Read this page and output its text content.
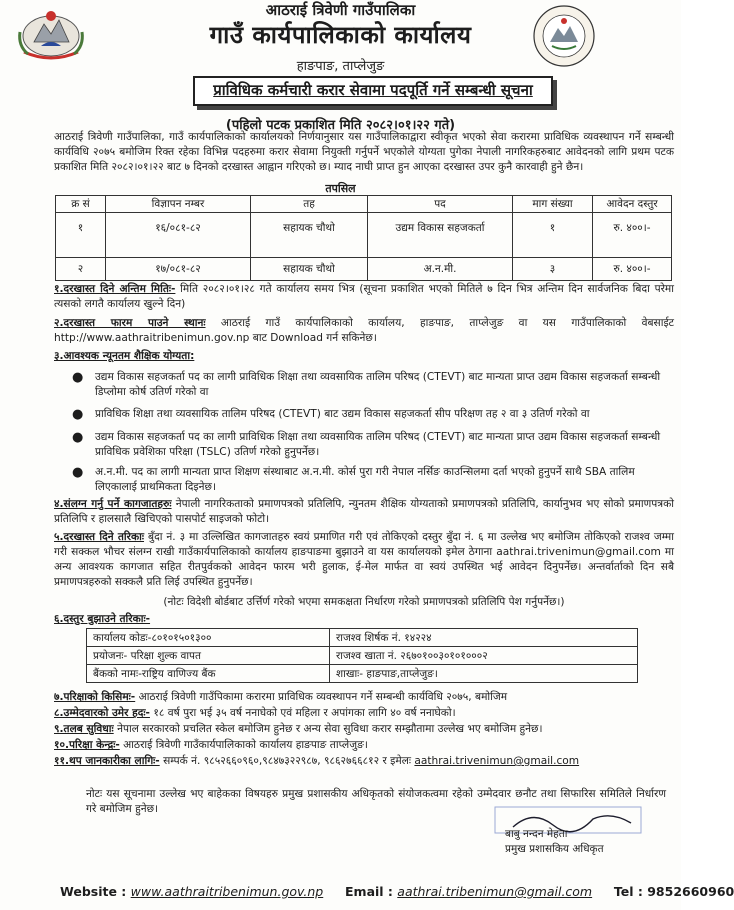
आठराई त्रिवेणी गाउँपालिका
गाउँ कार्यपालिकाको कार्यालय
हाङपाङ, ताप्लेजुङ
प्राविधिक कर्मचारी करार सेवामा पदपूर्ति गर्ने सम्बन्धी सूचना
(पहिलो पटक प्रकाशित मिति २०८२।०१।२२ गते)
आठराई त्रिवेणी गाउँपालिका, गाउँ कार्यपालिकाको कार्यालयको निर्णयानुसार यस गाउँपालिकाद्वारा स्वीकृत भएको सेवा करारमा प्राविधिक व्यवस्थापन गर्ने सम्बन्धी कार्यविधि २०७५ बमोजिम रिक्त रहेका विभिन्न पदहरुमा करार सेवामा नियुक्ती गर्नुपर्ने भएकोले योग्यता पुगेका नेपाली नागरिकहरुबाट आवेदनको लागि प्रथम पटक प्रकाशित मिति २०८२।०१।२२ बाट ७ दिनको दरखास्त आह्वान गरिएको छ। म्याद नाघी प्राप्त हुन आएका दरखास्त उपर कुनै कारवाही हुने छैन।
तपसिल
क्र सं	विज्ञापन नम्बर	तह	पद	माग संख्या	आवेदन दस्तुर
१	१६/०८१-८२	सहायक चौथो	उद्यम विकास सहजकर्ता	१	रु. ४००।-
२	१७/०८१-८२	सहायक चौथो	अ.न.मी.	३	रु. ४००।-
१.दरखास्त दिने अन्तिम मितिः- मिति २०८२।०१।२८ गते कार्यालय समय भित्र (सूचना प्रकाशित भएको मितिले ७ दिन भित्र अन्तिम दिन सार्वजनिक बिदा परेमा त्यसको लगतै कार्यालय खुल्ने दिन)
२.दरखास्त फारम पाउने स्थानः आठराई गाउँ कार्यपालिकाको कार्यालय, हाङपाङ, ताप्लेजुङ वा यस गाउँपालिकाको वेबसाईट http://www.aathraitribenimun.gov.np बाट Download गर्न सकिनेछ।
३.आवश्यक न्यूनतम शैक्षिक योग्यता:
●	उद्यम विकास सहजकर्ता पद का लागी प्राविधिक शिक्षा तथा व्यवसायिक तालिम परिषद (CTEVT) बाट मान्यता प्राप्त उद्यम विकास सहजकर्ता सम्बन्धी डिप्लोमा कोर्ष उतिर्ण गरेको वा
●	प्राविधिक शिक्षा तथा व्यवसायिक तालिम परिषद (CTEVT) बाट उद्यम विकास सहजकर्ता सीप परिक्षण तह २ वा ३ उतिर्ण गरेको वा
●	उद्यम विकास सहजकर्ता पद का लागी प्राविधिक शिक्षा तथा व्यवसायिक तालिम परिषद (CTEVT) बाट मान्यता प्राप्त उद्यम विकास सहजकर्ता सम्बन्धी प्राविधिक प्रवेशिका परिक्षा (TSLC) उतिर्ण गरेको हुनुपर्नेछ।
●	अ.न.मी. पद का लागी मान्यता प्राप्त शिक्षण संस्थाबाट अ.न.मी. कोर्स पुरा गरी नेपाल नर्सिङ काउन्सिलमा दर्ता भएको हुनुपर्ने साथै SBA तालिम लिएकालाई प्राथमिकता दिइनेछ।
४.संलग्न गर्नु पर्ने कागजातहरुः नेपाली नागरिकताको प्रमाणपत्रको प्रतिलिपि, न्युनतम शैक्षिक योग्यताको प्रमाणपत्रको प्रतिलिपि, कार्यानुभव भए सोको प्रमाणपत्रको प्रतिलिपि र हालसालै खिचिएको पासपोर्ट साइजको फोटो।
५.दरखास्त दिने तरिकाः बुँदा नं. ३ मा उल्लिखित कागजातहरु स्वयं प्रमाणित गरी एवं तोकिएको दस्तुर बुँदा नं. ६ मा उल्लेख भए बमोजिम तोकिएको राजश्व जम्मा गरी सक्कल भौचर संलग्न राखी गाउँकार्यपालिकाको कार्यालय हाङपाङमा बुझाउने वा यस कार्यालयको इमेल ठेगाना aathrai.trivenimun@gmail.com मा अन्य आवश्यक कागजात सहित रीतपुर्वकको आवेदन फारम भरी हुलाक, ई-मेल मार्फत वा स्वयं उपस्थित भई आवेदन दिनुपर्नेछ। अन्तर्वार्ताको दिन सबै प्रमाणपत्रहरुको सक्कलै प्रति लिई उपस्थित हुनुपर्नेछ।
(नोटः विदेशी बोर्डबाट उर्त्तिर्ण गरेको भएमा समकक्षता निर्धारण गरेको प्रमाणपत्रको प्रतिलिपि पेश गर्नुपर्नेछ।)
६.दस्तुर बुझाउने तरिकाः-
कार्यालय कोडः-८०१०१५०१३००	राजश्व शिर्षक नं. १४२२४
प्रयोजनः- परिक्षा शुल्क वापत	राजश्व खाता नं. २६७०१००३०१०१०००२
बैंकको नामः-राष्ट्रिय वाणिज्य बैंक	शाखाः- हाङपाङ,ताप्लेजुङ।
७.परिक्षाको किसिमः- आठराई त्रिवेणी गाउँपिकामा करारमा प्राविधिक व्यवस्थापन गर्ने सम्बन्धी कार्यविधि २०७५, बमोजिम
८.उम्मेदवारको उमेर हदः- १८ वर्ष पुरा भई ३५ वर्ष ननाघेको एवं महिला र अपांगका लागि ४० वर्ष ननाघेको।
९.तलब सुविधाः नेपाल सरकारको प्रचलित स्केल बमोजिम हुनेछ र अन्य सेवा सुविधा करार सम्झौतामा उल्लेख भए बमोजिम हुनेछ।
१०.परिक्षा केन्द्रः- आठराई त्रिवेणी गाउँकार्यपालिकाको कार्यालय हाङपाङ ताप्लेजुङ।
११.थप जानकारीका लागिः- सम्पर्क नं. ९८५२६६०९६०,९८४७३२२९८७, ९८६२७६६८१२ र इमेलः aathrai.trivenimun@gmail.com
नोटः यस सूचनामा उल्लेख भए बाहेकका विषयहरु प्रमुख प्रशासकीय अधिकृतको संयोजकत्वमा रहेको उम्मेदवार छनौट तथा सिफारिस समितिले निर्धारण गरे बमोजिम हुनेछ।
बाबु नन्दन मेहता
प्रमुख प्रशासकिय अधिकृत
Website : www.aathraitribenimun.gov.np Email : aathrai.tribenimun@gmail.com Tel : 9852660960
